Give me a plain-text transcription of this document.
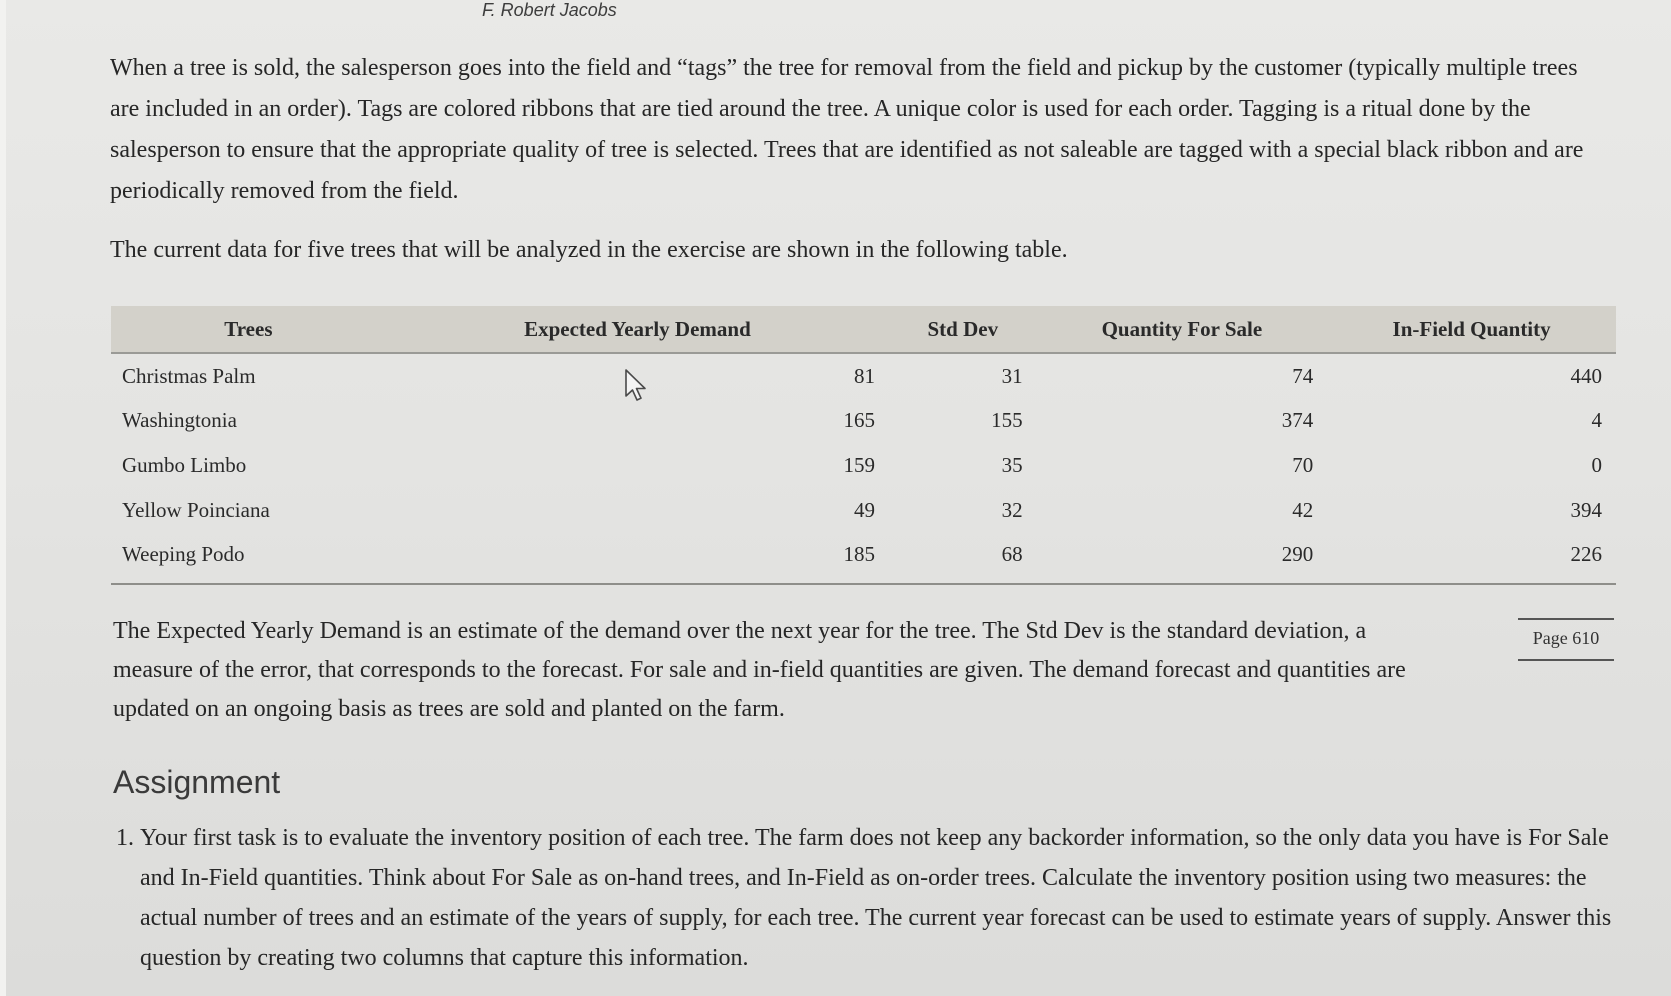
F. Robert Jacobs
When a tree is sold, the salesperson goes into the field and “tags” the tree for removal from the field and pickup by the customer (typically multiple trees are included in an order). Tags are colored ribbons that are tied around the tree. A unique color is used for each order. Tagging is a ritual done by the salesperson to ensure that the appropriate quality of tree is selected. Trees that are identified as not saleable are tagged with a special black ribbon and are periodically removed from the field.
The current data for five trees that will be analyzed in the exercise are shown in the following table.
Trees	Expected Yearly Demand	Std Dev	Quantity For Sale	In-Field Quantity
Christmas Palm	81	31	74	440
Washingtonia	165	155	374	4
Gumbo Limbo	159	35	70	0
Yellow Poinciana	49	32	42	394
Weeping Podo	185	68	290	226
The Expected Yearly Demand is an estimate of the demand over the next year for the tree. The Std Dev is the standard deviation, a measure of the error, that corresponds to the forecast. For sale and in-field quantities are given. The demand forecast and quantities are updated on an ongoing basis as trees are sold and planted on the farm.
Page 610
Assignment
1. Your first task is to evaluate the inventory position of each tree. The farm does not keep any backorder information, so the only data you have is For Sale and In-Field quantities. Think about For Sale as on-hand trees, and In-Field as on-order trees. Calculate the inventory position using two measures: the actual number of trees and an estimate of the years of supply, for each tree. The current year forecast can be used to estimate years of supply. Answer this question by creating two columns that capture this information.
